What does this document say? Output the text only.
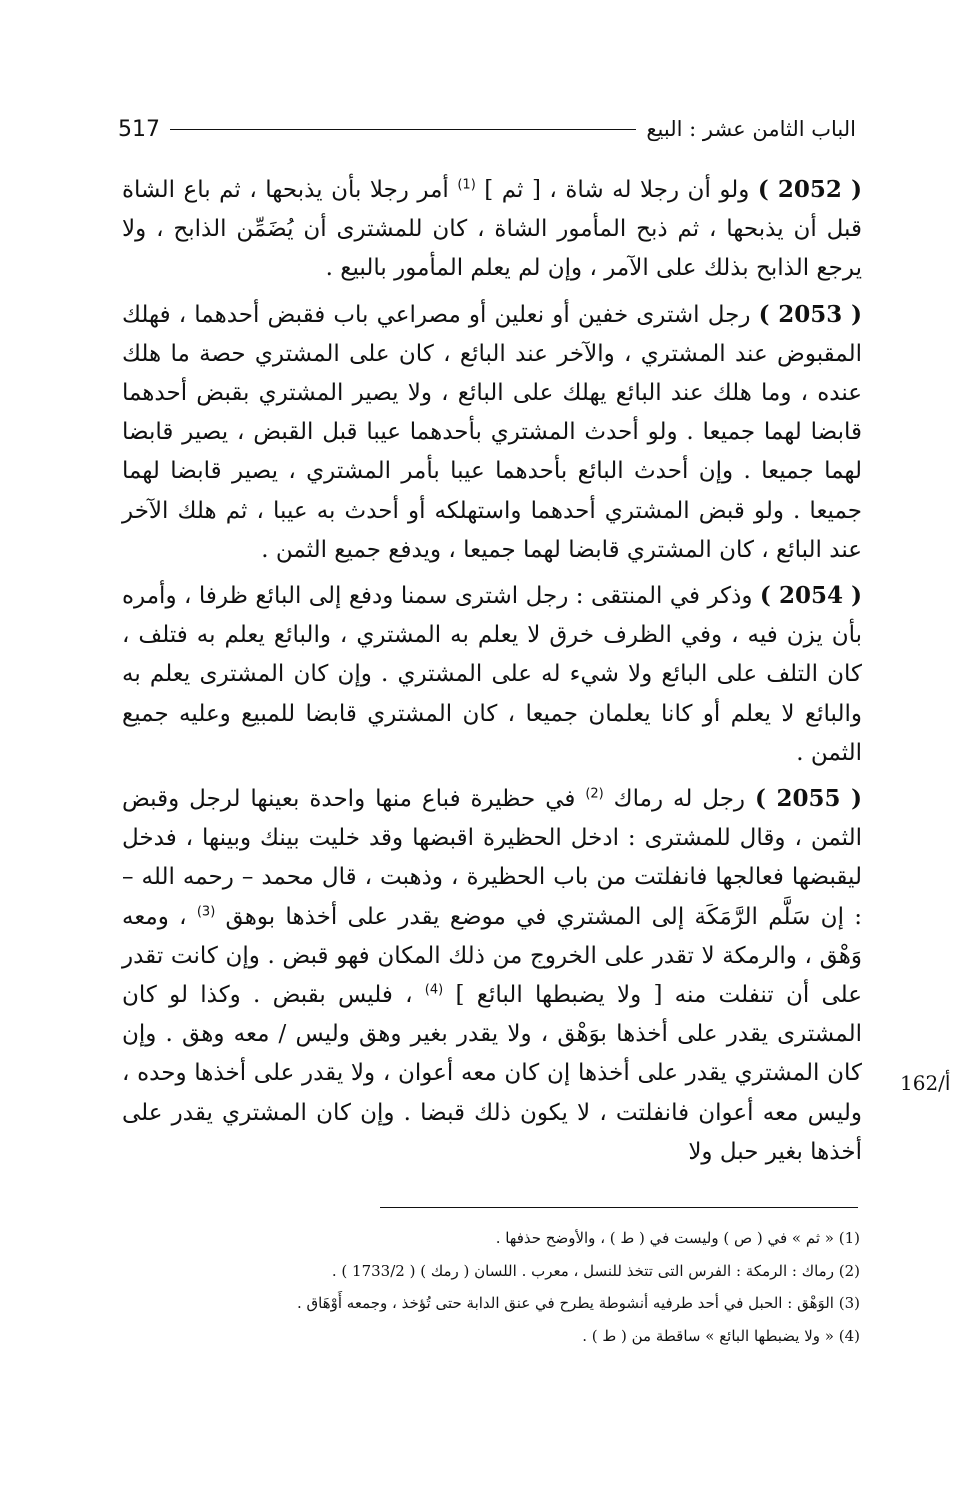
الباب الثامن عشر : البيع
517

( 2052 ) ولو أن رجلا له شاة ، [ ثم ] $^{(1)}$ أمر رجلا بأن يذبحها ، ثم باع الشاة قبل أن يذبحها ، ثم ذبح المأمور الشاة ، كان للمشترى أن يُضَمِّن الذابح ، ولا يرجع الذابح بذلك على الآمر ، وإن لم يعلم المأمور بالبيع .

( 2053 ) رجل اشترى خفين أو نعلين أو مصراعي باب فقبض أحدهما ، فهلك المقبوض عند المشتري ، والآخر عند البائع ، كان على المشتري حصة ما هلك عنده ، وما هلك عند البائع يهلك على البائع ، ولا يصير المشتري بقبض أحدهما قابضا لهما جميعا . ولو أحدث المشتري بأحدهما عيبا قبل القبض ، يصير قابضا لهما جميعا . وإن أحدث البائع بأحدهما عيبا بأمر المشتري ، يصير قابضا لهما جميعا . ولو قبض المشتري أحدهما واستهلكه أو أحدث به عيبا ، ثم هلك الآخر عند البائع ، كان المشتري قابضا لهما جميعا ، ويدفع جميع الثمن .

( 2054 ) وذكر في المنتقى : رجل اشترى سمنا ودفع إلى البائع ظرفا ، وأمره بأن يزن فيه ، وفي الظرف خرق لا يعلم به المشتري ، والبائع يعلم به فتلف ، كان التلف على البائع ولا شيء له على المشتري . وإن كان المشترى يعلم به والبائع لا يعلم أو كانا يعلمان جميعا ، كان المشتري قابضا للمبيع وعليه جميع الثمن .

( 2055 ) رجل له رماك $^{(2)}$ في حظيرة فباع منها واحدة بعينها لرجل وقبض الثمن ، وقال للمشترى : ادخل الحظيرة اقبضها وقد خليت بينك وبينها ، فدخل ليقبضها فعالجها فانفلتت من باب الحظيرة ، وذهبت ، قال محمد – رحمه الله – : إن سَلَّم الرَّمَكَة إلى المشتري في موضع يقدر على أخذها بوهق $^{(3)}$ ، ومعه وَهْق ، والرمكة لا تقدر على الخروج من ذلك المكان فهو قبض . وإن كانت تقدر على أن تنفلت منه [ ولا يضبطها البائع ] $^{(4)}$ ، فليس بقبض . وكذا لو كان المشترى يقدر على أخذها بوَهْق ، ولا يقدر بغير وهق وليس / معه وهق . وإن كان المشتري يقدر على أخذها إن كان معه أعوان ، ولا يقدر على أخذها وحده ، وليس معه أعوان فانفلتت ، لا يكون ذلك قبضا . وإن كان المشتري يقدر على أخذها بغير حبل ولا

162/أ

(1) « ثم » في ( ص ) وليست في ( ط ) ، والأوضح حذفها .

(2) رماك : الرمكة : الفرس التى تتخذ للنسل ، معرب . اللسان ( رمك ) ( 1733/2 ) .

(3) الوَهْق : الحبل في أحد طرفيه أنشوطة يطرح في عنق الدابة حتى تُؤخذ ، وجمعه أَوْهَاق .

(4) « ولا يضبطها البائع » ساقطة من ( ط ) .
